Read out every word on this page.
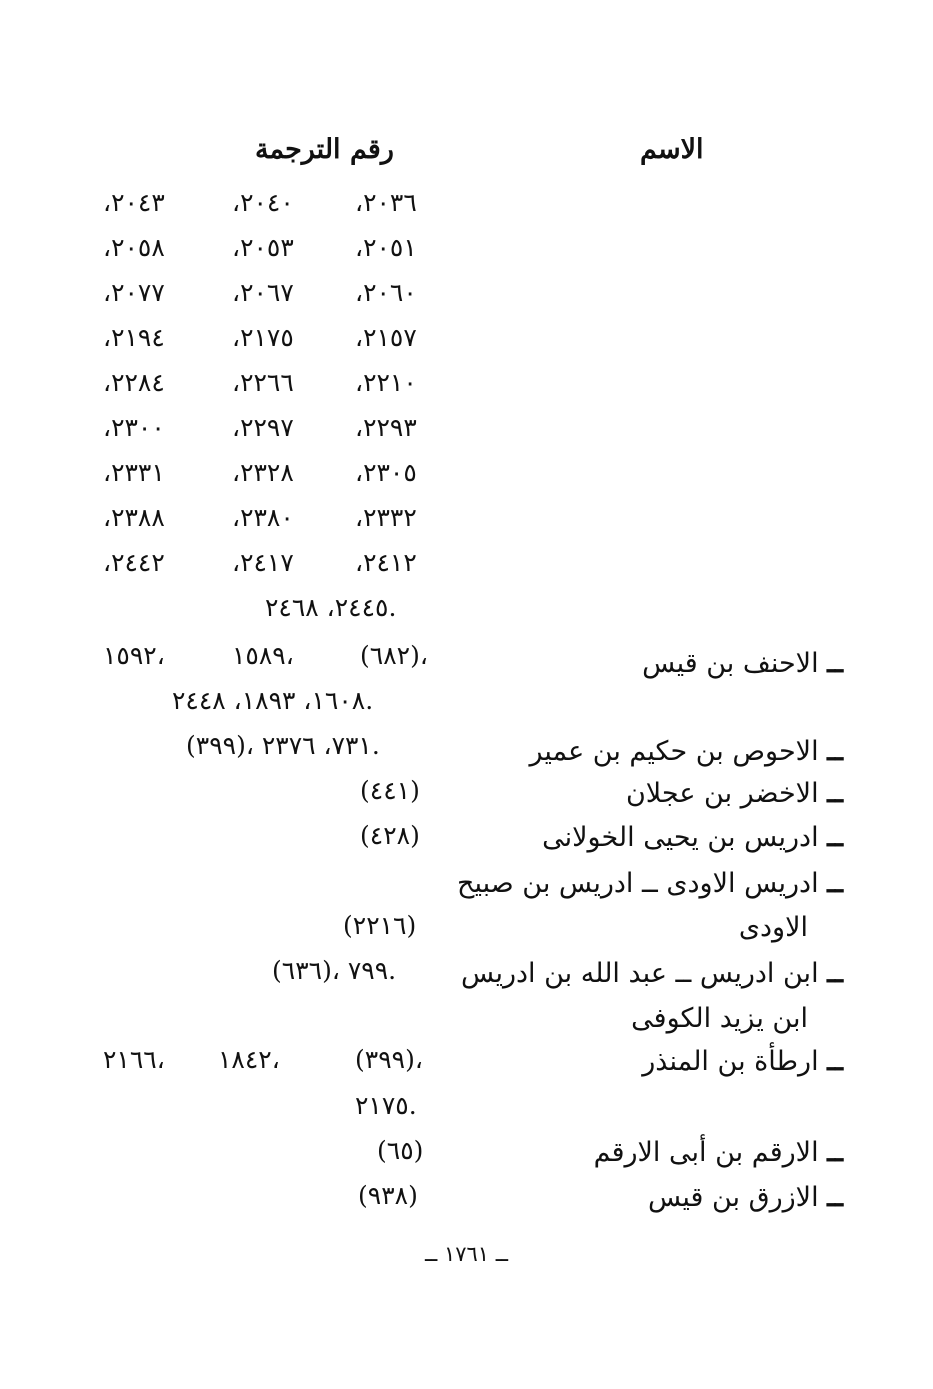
الاسم
رقم الترجمة
،٢٠٣٦
،٢٠٤٠
،٢٠٤٣
،٢٠٥١
،٢٠٥٣
،٢٠٥٨
،٢٠٦٠
،٢٠٦٧
،٢٠٧٧
،٢١٥٧
،٢١٧٥
،٢١٩٤
،٢٢١٠
،٢٢٦٦
،٢٢٨٤
،٢٢٩٣
،٢٢٩٧
،٢٣٠٠
،٢٣٠٥
،٢٣٢٨
،٢٣٣١
،٢٣٣٢
،٢٣٨٠
،٢٣٨٨
،٢٤١٢
،٢٤١٧
،٢٤٤٢
٢٤٤٥، ٢٤٦٨.
ــ الاحنف بن قيس
(٦٨٢)،
١٥٨٩،
١٥٩٢،
١٦٠٨، ١٨٩٣، ٢٤٤٨.
ــ الاحوص بن حكيم بن عمير
(٣٩٩)، ٧٣١، ٢٣٧٦.
ــ الاخضر بن عجلان
(٤٤١)
ــ ادريس بن يحيى الخولانى
(٤٢٨)
ــ ادريس الاودى ــ ادريس بن صبيح
الاودى
(٢٢١٦)
ــ ابن ادريس ــ عبد الله بن ادريس
ابن يزيد الكوفى
(٦٣٦)، ٧٩٩.
ــ ارطأة بن المنذر
(٣٩٩)،
١٨٤٢،
٢١٦٦،
٢١٧٥.
ــ الارقم بن أبى الارقم
(٦٥)
ــ الازرق بن قيس
(٩٣٨)
ــ ١٧٦١ ــ
